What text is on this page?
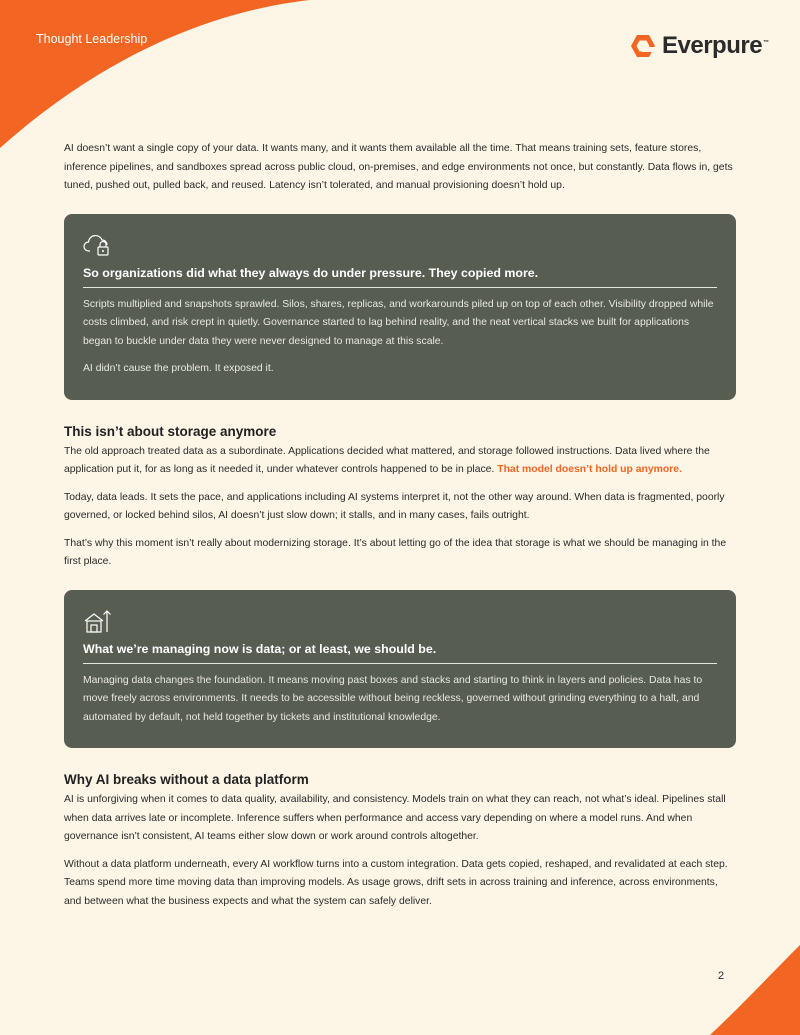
Thought Leadership	Everpure™

AI doesn’t want a single copy of your data. It wants many, and it wants them available all the time. That means training sets, feature stores, inference pipelines, and sandboxes spread across public cloud, on-premises, and edge environments not once, but constantly. Data flows in, gets tuned, pushed out, pulled back, and reused. Latency isn’t tolerated, and manual provisioning doesn’t hold up.

So organizations did what they always do under pressure. They copied more.

Scripts multiplied and snapshots sprawled. Silos, shares, replicas, and workarounds piled up on top of each other. Visibility dropped while costs climbed, and risk crept in quietly. Governance started to lag behind reality, and the neat vertical stacks we built for applications began to buckle under data they were never designed to manage at this scale.

AI didn’t cause the problem. It exposed it.

This isn’t about storage anymore

The old approach treated data as a subordinate. Applications decided what mattered, and storage followed instructions. Data lived where the application put it, for as long as it needed it, under whatever controls happened to be in place. That model doesn’t hold up anymore.

Today, data leads. It sets the pace, and applications including AI systems interpret it, not the other way around. When data is fragmented, poorly governed, or locked behind silos, AI doesn’t just slow down; it stalls, and in many cases, fails outright.

That’s why this moment isn’t really about modernizing storage. It’s about letting go of the idea that storage is what we should be managing in the first place.

What we’re managing now is data; or at least, we should be.

Managing data changes the foundation. It means moving past boxes and stacks and starting to think in layers and policies. Data has to move freely across environments. It needs to be accessible without being reckless, governed without grinding everything to a halt, and automated by default, not held together by tickets and institutional knowledge.

Why AI breaks without a data platform

AI is unforgiving when it comes to data quality, availability, and consistency. Models train on what they can reach, not what’s ideal. Pipelines stall when data arrives late or incomplete. Inference suffers when performance and access vary depending on where a model runs. And when governance isn’t consistent, AI teams either slow down or work around controls altogether.

Without a data platform underneath, every AI workflow turns into a custom integration. Data gets copied, reshaped, and revalidated at each step. Teams spend more time moving data than improving models. As usage grows, drift sets in across training and inference, across environments, and between what the business expects and what the system can safely deliver.

2
